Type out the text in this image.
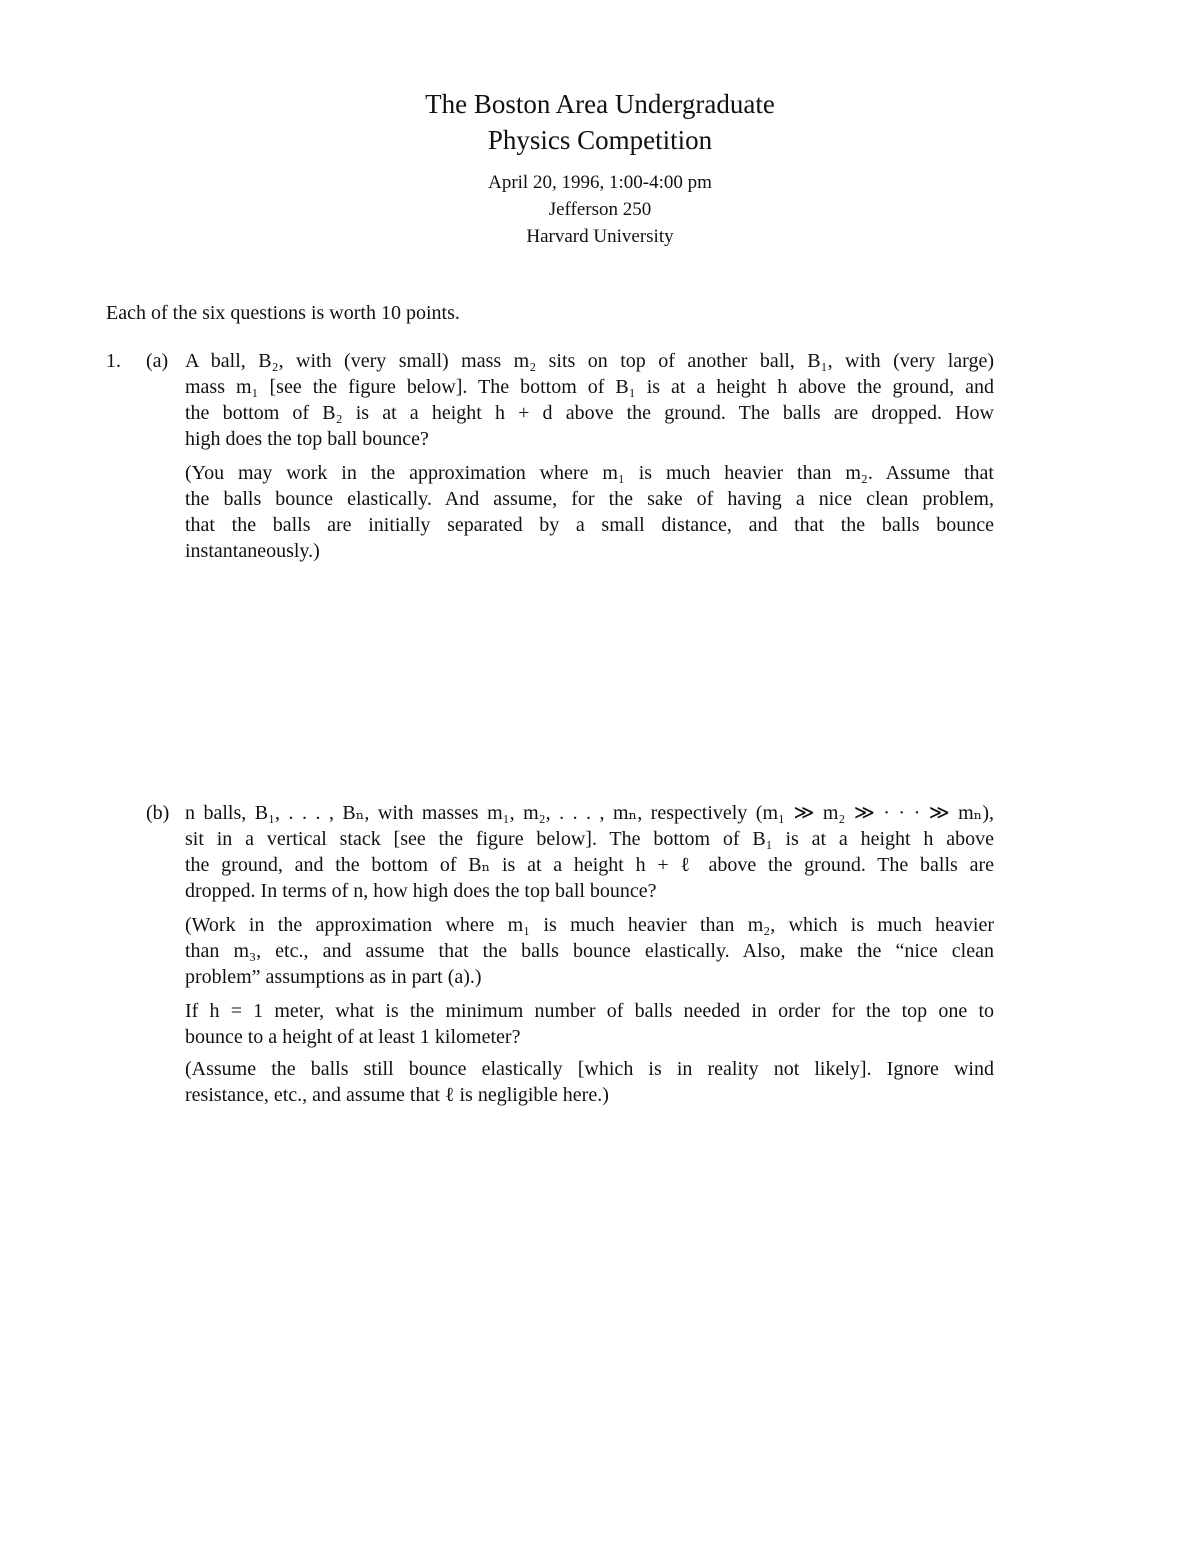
The Boston Area Undergraduate
Physics Competition
April 20, 1996, 1:00-4:00 pm
Jefferson 250
Harvard University
Each of the six questions is worth 10 points.
1. (a) A ball, B₂, with (very small) mass m₂ sits on top of another ball, B₁, with (very large)
mass m₁ [see the figure below]. The bottom of B₁ is at a height h above the ground, and
the bottom of B₂ is at a height h + d above the ground. The balls are dropped. How
high does the top ball bounce?
(You may work in the approximation where m₁ is much heavier than m₂. Assume that
the balls bounce elastically. And assume, for the sake of having a nice clean problem,
that the balls are initially separated by a small distance, and that the balls bounce
instantaneously.)
(b) n balls, B₁, . . . , Bₙ, with masses m₁, m₂, . . . , mₙ, respectively (m₁ ≫ m₂ ≫ · · · ≫ mₙ),
sit in a vertical stack [see the figure below]. The bottom of B₁ is at a height h above
the ground, and the bottom of Bₙ is at a height h + ℓ above the ground. The balls are
dropped. In terms of n, how high does the top ball bounce?
(Work in the approximation where m₁ is much heavier than m₂, which is much heavier
than m₃, etc., and assume that the balls bounce elastically. Also, make the “nice clean
problem” assumptions as in part (a).)
If h = 1 meter, what is the minimum number of balls needed in order for the top one to
bounce to a height of at least 1 kilometer?
(Assume the balls still bounce elastically [which is in reality not likely]. Ignore wind
resistance, etc., and assume that ℓ is negligible here.)
